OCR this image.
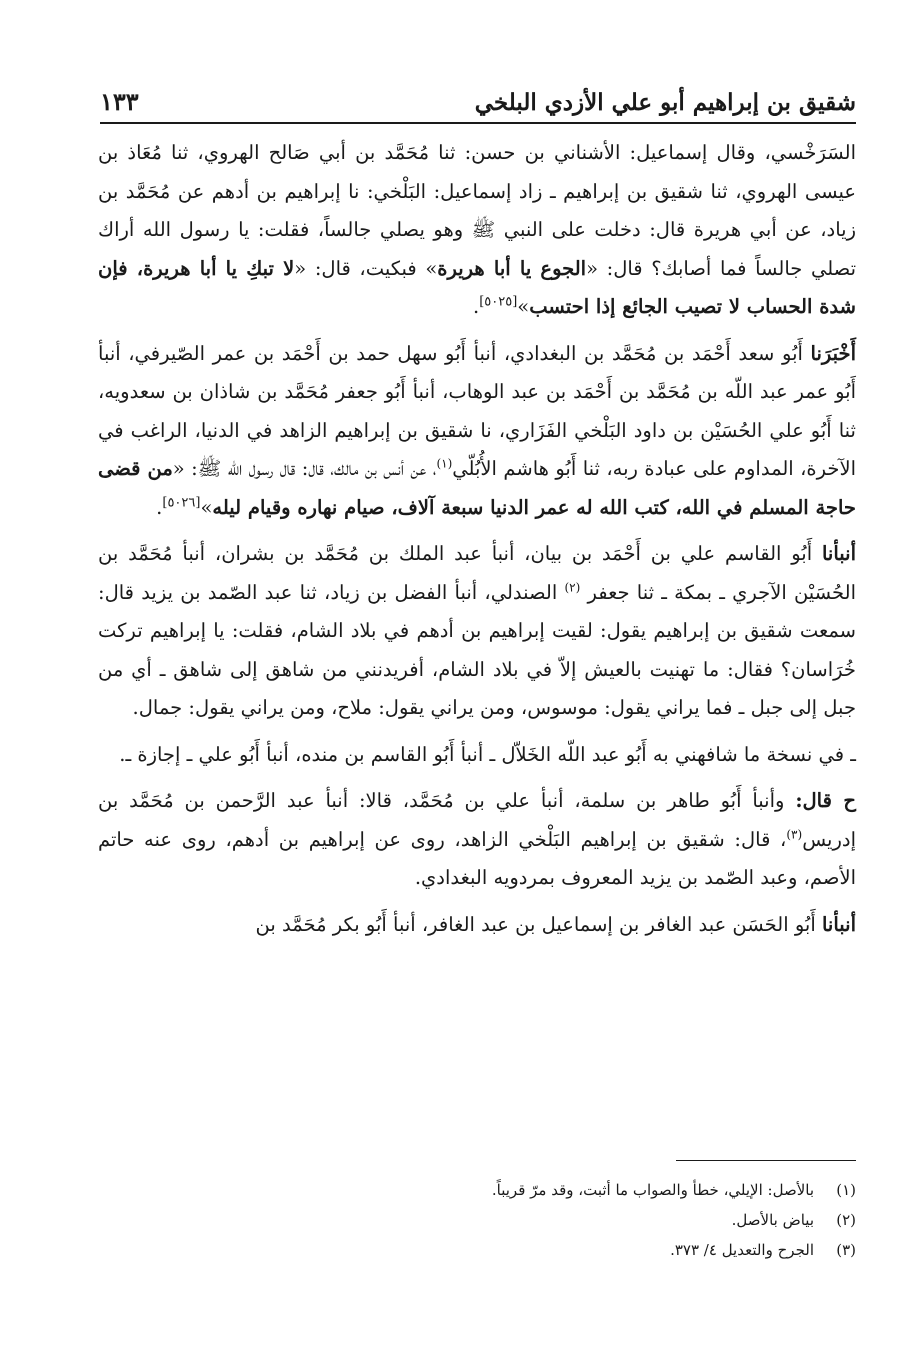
شقيق بن إبراهيم أبو علي الأزدي البلخي
١٣٣

السَرَخْسي، وقال إسماعيل: الأشناني بن حسن: ثنا مُحَمَّد بن أبي صَالح الهروي، ثنا مُعَاذ بن عيسى الهروي، ثنا شقيق بن إبراهيم ـ زاد إسماعيل: البَلْخي: نا إبراهيم بن أدهم عن مُحَمَّد بن زياد، عن أبي هريرة قال: دخلت على النبي ﷺ وهو يصلي جالساً، فقلت: يا رسول الله أراك تصلي جالساً فما أصابك؟ قال: «الجوع يا أبا هريرة» فبكيت، قال: «لا تبكِ يا أبا هريرة، فإن شدة الحساب لا تصيب الجائع إذا احتسب»[٥٠٢٥].

أَخْبَرَنا أَبُو سعد أَحْمَد بن مُحَمَّد بن البغدادي، أنبأ أَبُو سهل حمد بن أَحْمَد بن عمر الصّيرفي، أنبأ أَبُو عمر عبد اللّه بن مُحَمَّد بن أَحْمَد بن عبد الوهاب، أنبأ أَبُو جعفر مُحَمَّد بن شاذان بن سعدويه، ثنا أَبُو علي الحُسَيْن بن داود البَلْخي الفَزَاري، نا شقيق بن إبراهيم الزاهد في الدنيا، الراغب في الآخرة، المداوم على عبادة ربه، ثنا أَبُو هاشم الأُبُلّي$^{(١)}$، عن أنس بن مالك، قال: قال رسول الله ﷺ: «من قضى حاجة المسلم في الله، كتب الله له عمر الدنيا سبعة آلاف، صيام نهاره وقيام ليله»[٥٠٢٦].

أنبأنا أَبُو القاسم علي بن أَحْمَد بن بيان، أنبأ عبد الملك بن مُحَمَّد بن بشران، أنبأ مُحَمَّد بن الحُسَيْن الآجري ـ بمكة ـ ثنا جعفر $^{(٢)}$ الصندلي، أنبأ الفضل بن زياد، ثنا عبد الصّمد بن يزيد قال: سمعت شقيق بن إبراهيم يقول: لقيت إبراهيم بن أدهم في بلاد الشام، فقلت: يا إبراهيم تركت خُرَاسان؟ فقال: ما تهنيت بالعيش إلاّ في بلاد الشام، أفريدنني من شاهق إلى شاهق ـ أي من جبل إلى جبل ـ فما يراني يقول: موسوس، ومن يراني يقول: ملاح، ومن يراني يقول: جمال.

ـ في نسخة ما شافهني به أَبُو عبد اللّه الخَلاّل ـ أنبأ أَبُو القاسم بن منده، أنبأ أَبُو علي ـ إجازة ـ.

ح قال: وأنبأ أَبُو طاهر بن سلمة، أنبأ علي بن مُحَمَّد، قالا: أنبأ عبد الرَّحمن بن مُحَمَّد بن إدريس$^{(٣)}$، قال: شقيق بن إبراهيم البَلْخي الزاهد، روى عن إبراهيم بن أدهم، روى عنه حاتم الأصم، وعبد الصّمد بن يزيد المعروف بمردويه البغدادي.

أنبأنا أَبُو الحَسَن عبد الغافر بن إسماعيل بن عبد الغافر، أنبأ أَبُو بكر مُحَمَّد بن

(١)
بالأصل: الإيلي، خطأ والصواب ما أثبت، وقد مرّ قريباً.
(٢)
بياض بالأصل.
(٣)
الجرح والتعديل ٤/ ٣٧٣.
